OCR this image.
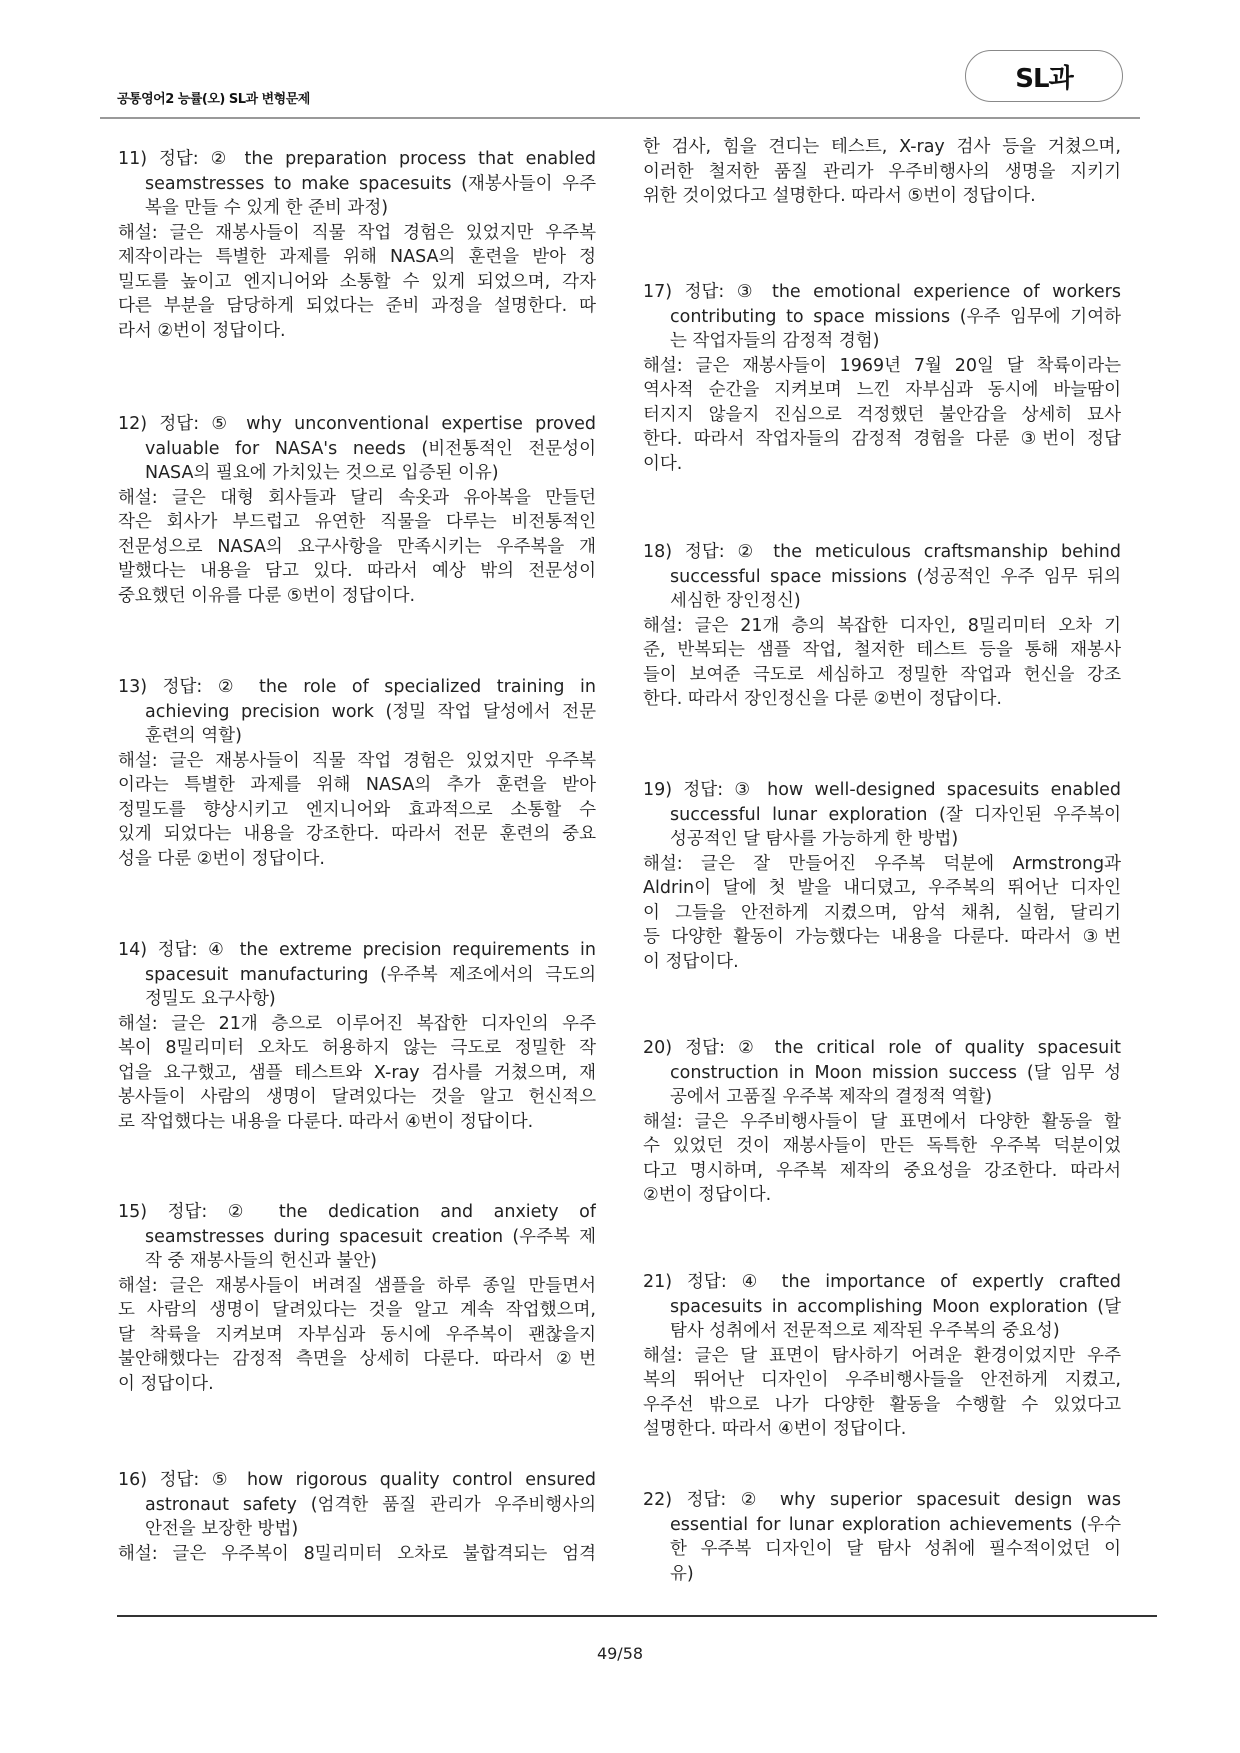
공통영어2 능률(오) SL과 변형문제
SL과
11) 정답: ② the preparation process that enabled
seamstresses to make spacesuits (재봉사들이 우주
복을 만들 수 있게 한 준비 과정)
해설: 글은 재봉사들이 직물 작업 경험은 있었지만 우주복
제작이라는 특별한 과제를 위해 NASA의 훈련을 받아 정
밀도를 높이고 엔지니어와 소통할 수 있게 되었으며, 각자
다른 부분을 담당하게 되었다는 준비 과정을 설명한다. 따
라서 ②번이 정답이다.
12) 정답: ⑤ why unconventional expertise proved
valuable for NASA's needs (비전통적인 전문성이
NASA의 필요에 가치있는 것으로 입증된 이유)
해설: 글은 대형 회사들과 달리 속옷과 유아복을 만들던
작은 회사가 부드럽고 유연한 직물을 다루는 비전통적인
전문성으로 NASA의 요구사항을 만족시키는 우주복을 개
발했다는 내용을 담고 있다. 따라서 예상 밖의 전문성이
중요했던 이유를 다룬 ⑤번이 정답이다.
13) 정답: ② the role of specialized training in
achieving precision work (정밀 작업 달성에서 전문
훈련의 역할)
해설: 글은 재봉사들이 직물 작업 경험은 있었지만 우주복
이라는 특별한 과제를 위해 NASA의 추가 훈련을 받아
정밀도를 향상시키고 엔지니어와 효과적으로 소통할 수
있게 되었다는 내용을 강조한다. 따라서 전문 훈련의 중요
성을 다룬 ②번이 정답이다.
14) 정답: ④ the extreme precision requirements in
spacesuit manufacturing (우주복 제조에서의 극도의
정밀도 요구사항)
해설: 글은 21개 층으로 이루어진 복잡한 디자인의 우주
복이 8밀리미터 오차도 허용하지 않는 극도로 정밀한 작
업을 요구했고, 샘플 테스트와 X-ray 검사를 거쳤으며, 재
봉사들이 사람의 생명이 달려있다는 것을 알고 헌신적으
로 작업했다는 내용을 다룬다. 따라서 ④번이 정답이다.
15) 정답: ② the dedication and anxiety of
seamstresses during spacesuit creation (우주복 제
작 중 재봉사들의 헌신과 불안)
해설: 글은 재봉사들이 버려질 샘플을 하루 종일 만들면서
도 사람의 생명이 달려있다는 것을 알고 계속 작업했으며,
달 착륙을 지켜보며 자부심과 동시에 우주복이 괜찮을지
불안해했다는 감정적 측면을 상세히 다룬다. 따라서 ②번
이 정답이다.
16) 정답: ⑤ how rigorous quality control ensured
astronaut safety (엄격한 품질 관리가 우주비행사의
안전을 보장한 방법)
해설: 글은 우주복이 8밀리미터 오차로 불합격되는 엄격
한 검사, 힘을 견디는 테스트, X-ray 검사 등을 거쳤으며,
이러한 철저한 품질 관리가 우주비행사의 생명을 지키기
위한 것이었다고 설명한다. 따라서 ⑤번이 정답이다.
17) 정답: ③ the emotional experience of workers
contributing to space missions (우주 임무에 기여하
는 작업자들의 감정적 경험)
해설: 글은 재봉사들이 1969년 7월 20일 달 착륙이라는
역사적 순간을 지켜보며 느낀 자부심과 동시에 바늘땀이
터지지 않을지 진심으로 걱정했던 불안감을 상세히 묘사
한다. 따라서 작업자들의 감정적 경험을 다룬 ③번이 정답
이다.
18) 정답: ② the meticulous craftsmanship behind
successful space missions (성공적인 우주 임무 뒤의
세심한 장인정신)
해설: 글은 21개 층의 복잡한 디자인, 8밀리미터 오차 기
준, 반복되는 샘플 작업, 철저한 테스트 등을 통해 재봉사
들이 보여준 극도로 세심하고 정밀한 작업과 헌신을 강조
한다. 따라서 장인정신을 다룬 ②번이 정답이다.
19) 정답: ③ how well-designed spacesuits enabled
successful lunar exploration (잘 디자인된 우주복이
성공적인 달 탐사를 가능하게 한 방법)
해설: 글은 잘 만들어진 우주복 덕분에 Armstrong과
Aldrin이 달에 첫 발을 내디뎠고, 우주복의 뛰어난 디자인
이 그들을 안전하게 지켰으며, 암석 채취, 실험, 달리기
등 다양한 활동이 가능했다는 내용을 다룬다. 따라서 ③번
이 정답이다.
20) 정답: ② the critical role of quality spacesuit
construction in Moon mission success (달 임무 성
공에서 고품질 우주복 제작의 결정적 역할)
해설: 글은 우주비행사들이 달 표면에서 다양한 활동을 할
수 있었던 것이 재봉사들이 만든 독특한 우주복 덕분이었
다고 명시하며, 우주복 제작의 중요성을 강조한다. 따라서
②번이 정답이다.
21) 정답: ④ the importance of expertly crafted
spacesuits in accomplishing Moon exploration (달
탐사 성취에서 전문적으로 제작된 우주복의 중요성)
해설: 글은 달 표면이 탐사하기 어려운 환경이었지만 우주
복의 뛰어난 디자인이 우주비행사들을 안전하게 지켰고,
우주선 밖으로 나가 다양한 활동을 수행할 수 있었다고
설명한다. 따라서 ④번이 정답이다.
22) 정답: ② why superior spacesuit design was
essential for lunar exploration achievements (우수
한 우주복 디자인이 달 탐사 성취에 필수적이었던 이
유)
49/58
